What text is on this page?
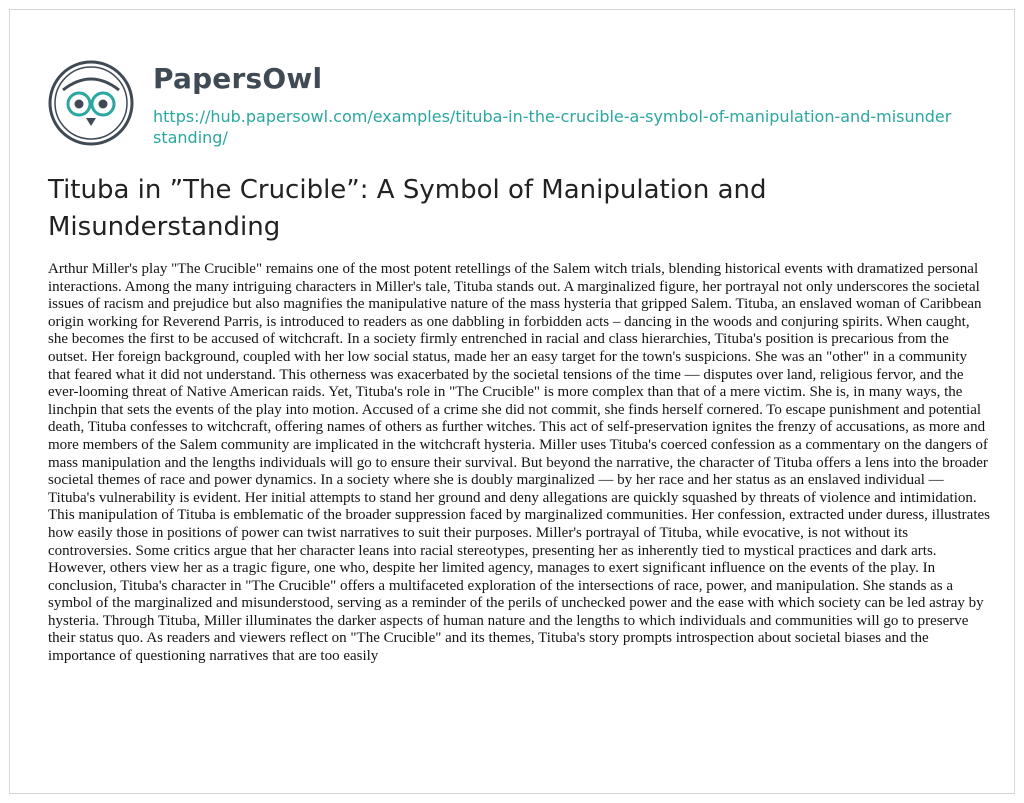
PapersOwl
https://hub.papersowl.com/examples/tituba-in-the-crucible-a-symbol-of-manipulation-and-misunderstanding/
Tituba in ”The Crucible”: A Symbol of Manipulation and Misunderstanding

Arthur Miller's play "The Crucible" remains one of the most potent retellings of the Salem witch trials, blending historical events with dramatized personal interactions. Among the many intriguing characters in Miller's tale, Tituba stands out. A marginalized figure, her portrayal not only underscores the societal issues of racism and prejudice but also magnifies the manipulative nature of the mass hysteria that gripped Salem. Tituba, an enslaved woman of Caribbean origin working for Reverend Parris, is introduced to readers as one dabbling in forbidden acts – dancing in the woods and conjuring spirits. When caught, she becomes the first to be accused of witchcraft. In a society firmly entrenched in racial and class hierarchies, Tituba's position is precarious from the outset. Her foreign background, coupled with her low social status, made her an easy target for the town's suspicions. She was an "other" in a community that feared what it did not understand. This otherness was exacerbated by the societal tensions of the time — disputes over land, religious fervor, and the ever-looming threat of Native American raids. Yet, Tituba's role in "The Crucible" is more complex than that of a mere victim. She is, in many ways, the linchpin that sets the events of the play into motion. Accused of a crime she did not commit, she finds herself cornered. To escape punishment and potential death, Tituba confesses to witchcraft, offering names of others as further witches. This act of self-preservation ignites the frenzy of accusations, as more and more members of the Salem community are implicated in the witchcraft hysteria. Miller uses Tituba's coerced confession as a commentary on the dangers of mass manipulation and the lengths individuals will go to ensure their survival. But beyond the narrative, the character of Tituba offers a lens into the broader societal themes of race and power dynamics. In a society where she is doubly marginalized — by her race and her status as an enslaved individual — Tituba's vulnerability is evident. Her initial attempts to stand her ground and deny allegations are quickly squashed by threats of violence and intimidation. This manipulation of Tituba is emblematic of the broader suppression faced by marginalized communities. Her confession, extracted under duress, illustrates how easily those in positions of power can twist narratives to suit their purposes. Miller's portrayal of Tituba, while evocative, is not without its controversies. Some critics argue that her character leans into racial stereotypes, presenting her as inherently tied to mystical practices and dark arts. However, others view her as a tragic figure, one who, despite her limited agency, manages to exert significant influence on the events of the play. In conclusion, Tituba's character in "The Crucible" offers a multifaceted exploration of the intersections of race, power, and manipulation. She stands as a symbol of the marginalized and misunderstood, serving as a reminder of the perils of unchecked power and the ease with which society can be led astray by hysteria. Through Tituba, Miller illuminates the darker aspects of human nature and the lengths to which individuals and communities will go to preserve their status quo. As readers and viewers reflect on "The Crucible" and its themes, Tituba's story prompts introspection about societal biases and the importance of questioning narratives that are too easily
